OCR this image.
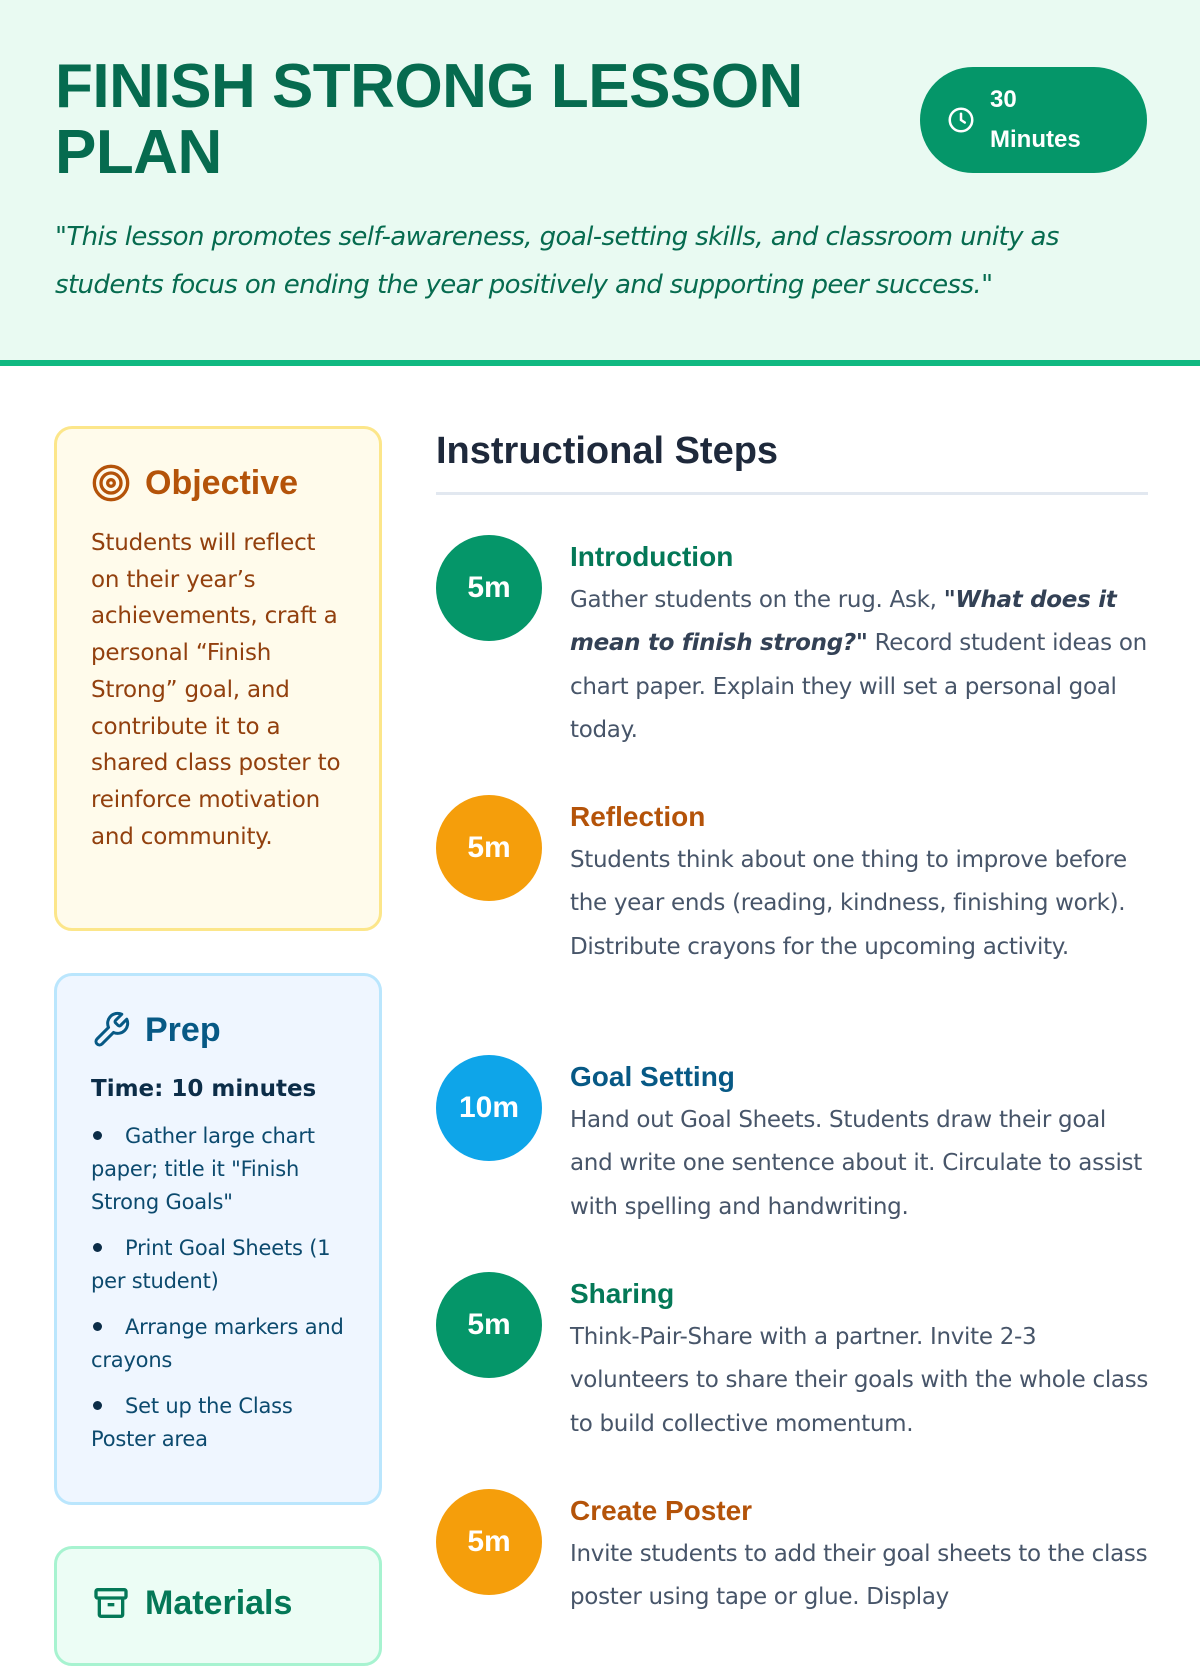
FINISH STRONG LESSON PLAN
30 Minutes

"This lesson promotes self-awareness, goal-setting skills, and classroom unity as students focus on ending the year positively and supporting peer success."

Objective

Students will reflect on their year’s achievements, craft a personal “Finish Strong” goal, and contribute it to a shared class poster to reinforce motivation and community.

Prep

Time: 10 minutes

Gather large chart paper; title it "Finish Strong Goals"
Print Goal Sheets (1 per student)
Arrange markers and crayons
Set up the Class Poster area
Materials
Instructional Steps
5m
Introduction

Gather students on the rug. Ask, "What does it mean to finish strong?" Record student ideas on chart paper. Explain they will set a personal goal today.

5m
Reflection

Students think about one thing to improve before the year ends (reading, kindness, finishing work). Distribute crayons for the upcoming activity.

10m
Goal Setting

Hand out Goal Sheets. Students draw their goal and write one sentence about it. Circulate to assist with spelling and handwriting.

5m
Sharing

Think-Pair-Share with a partner. Invite 2-3 volunteers to share their goals with the whole class to build collective momentum.

5m
Create Poster

Invite students to add their goal sheets to the class poster using tape or glue. Display
